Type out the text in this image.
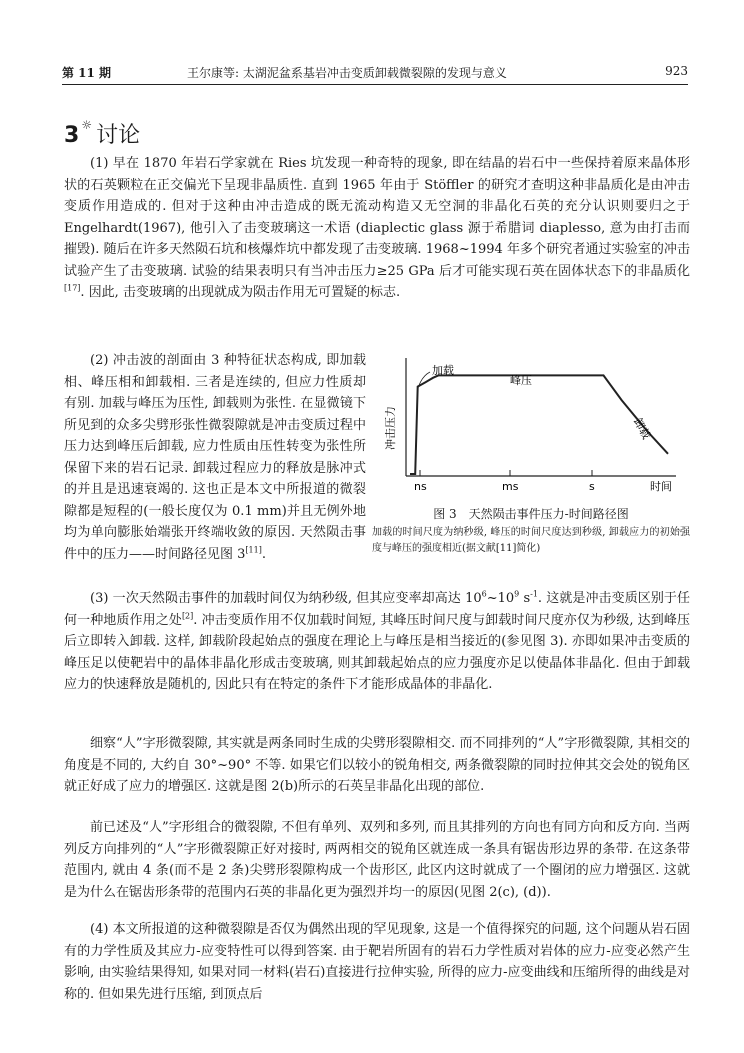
第 11 期	王尔康等: 太湖泥盆系基岩冲击变质卸载微裂隙的发现与意义	923
3 ☼ 讨论

(1) 早在 1870 年岩石学家就在 Ries 坑发现一种奇特的现象, 即在结晶的岩石中一些保持着原来晶体形状的石英颗粒在正交偏光下呈现非晶质性. 直到 1965 年由于 Stöffler 的研究才查明这种非晶质化是由冲击变质作用造成的. 但对于这种由冲击造成的既无流动构造又无空洞的非晶化石英的充分认识则要归之于 Engelhardt(1967), 他引入了击变玻璃这一术语 (diaplectic glass 源于希腊词 diaplesso, 意为由打击而摧毁). 随后在许多天然陨石坑和核爆炸坑中都发现了击变玻璃. 1968~1994 年多个研究者通过实验室的冲击试验产生了击变玻璃. 试验的结果表明只有当冲击压力≥25 GPa 后才可能实现石英在固体状态下的非晶质化[17]. 因此, 击变玻璃的出现就成为陨击作用无可置疑的标志.

(2) 冲击波的剖面由 3 种特征状态构成, 即加载相、峰压相和卸载相. 三者是连续的, 但应力性质却有别. 加载与峰压为压性, 卸载则为张性. 在显微镜下所见到的众多尖劈形张性微裂隙就是冲击变质过程中压力达到峰压后卸载, 应力性质由压性转变为张性所保留下来的岩石记录. 卸载过程应力的释放是脉冲式的并且是迅速衰竭的. 这也正是本文中所报道的微裂隙都是短程的(一般长度仅为 0.1 mm)并且无例外地均为单向膨胀始端张开终端收敛的原因. 天然陨击事件中的压力——时间路径见图 3[11].

加载
峰压
卸载
冲击压力
ns	ms	s	时间
图 3　天然陨击事件压力-时间路径图
加载的时间尺度为纳秒级, 峰压的时间尺度达到秒级, 卸载应力的初始强度与峰压的强度相近(据文献[11]简化)

(3) 一次天然陨击事件的加载时间仅为纳秒级, 但其应变率却高达 $10^6\sim 10^9$ $s^{-1}$. 这就是冲击变质区别于任何一种地质作用之处[2]. 冲击变质作用不仅加载时间短, 其峰压时间尺度与卸载时间尺度亦仅为秒级, 达到峰压后立即转入卸载. 这样, 卸载阶段起始点的强度在理论上与峰压是相当接近的(参见图 3). 亦即如果冲击变质的峰压足以使靶岩中的晶体非晶化形成击变玻璃, 则其卸载起始点的应力强度亦足以使晶体非晶化. 但由于卸载应力的快速释放是随机的, 因此只有在特定的条件下才能形成晶体的非晶化.

细察“人”字形微裂隙, 其实就是两条同时生成的尖劈形裂隙相交. 而不同排列的“人”字形微裂隙, 其相交的角度是不同的, 大约自 30°~90° 不等. 如果它们以较小的锐角相交, 两条微裂隙的同时拉伸其交会处的锐角区就正好成了应力的增强区. 这就是图 2(b)所示的石英呈非晶化出现的部位.

前已述及“人”字形组合的微裂隙, 不但有单列、双列和多列, 而且其排列的方向也有同方向和反方向. 当两列反方向排列的“人”字形微裂隙正好对接时, 两两相交的锐角区就连成一条具有锯齿形边界的条带. 在这条带范围内, 就由 4 条(而不是 2 条)尖劈形裂隙构成一个齿形区, 此区内这时就成了一个圈闭的应力增强区. 这就是为什么在锯齿形条带的范围内石英的非晶化更为强烈并均一的原因(见图 2(c), (d)).

(4) 本文所报道的这种微裂隙是否仅为偶然出现的罕见现象, 这是一个值得探究的问题, 这个问题从岩石固有的力学性质及其应力-应变特性可以得到答案. 由于靶岩所固有的岩石力学性质对岩体的应力-应变必然产生影响, 由实验结果得知, 如果对同一材料(岩石)直接进行拉伸实验, 所得的应力-应变曲线和压缩所得的曲线是对称的. 但如果先进行压缩, 到顶点后
